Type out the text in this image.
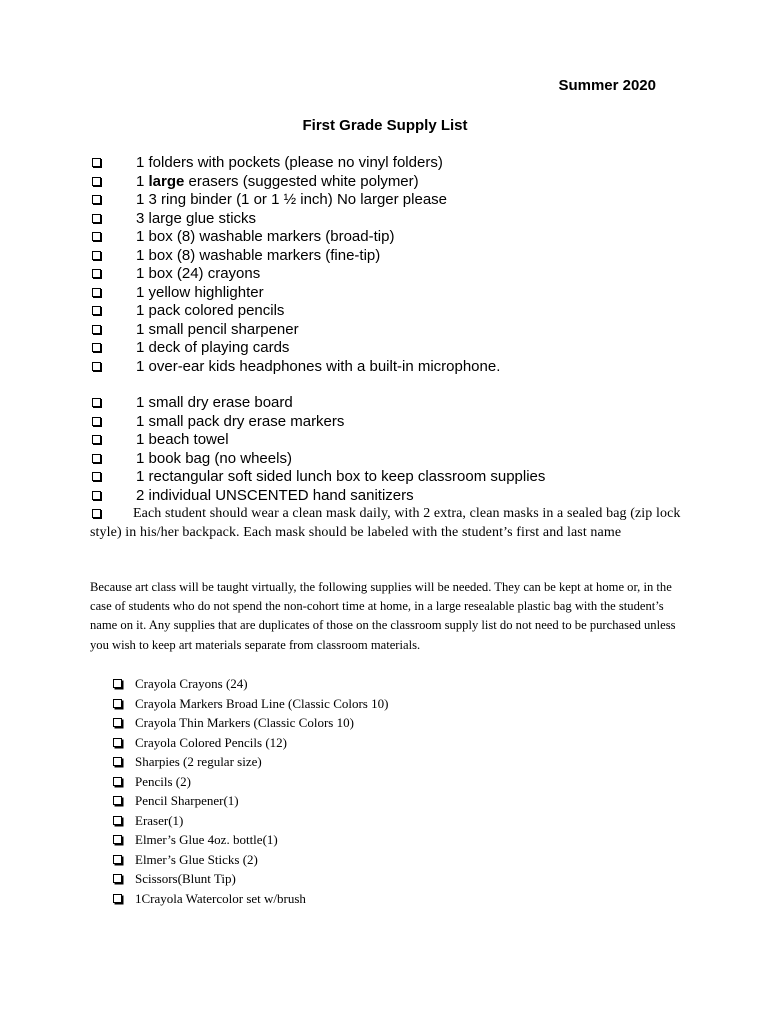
Summer 2020
First Grade Supply List
1 folders with pockets (please no vinyl folders)
1 large erasers (suggested white polymer)
1 3 ring binder (1 or 1 ½ inch) No larger please
3 large glue sticks
1 box (8) washable markers (broad-tip)
1 box (8) washable markers (fine-tip)
1 box (24) crayons
1 yellow highlighter
1 pack colored pencils
1 small pencil sharpener
1 deck of playing cards
1 over-ear kids headphones with a built-in microphone.
1 small dry erase board
1 small pack dry erase markers
1 beach towel
1 book bag (no wheels)
1 rectangular soft sided lunch box to keep classroom supplies
2 individual UNSCENTED hand sanitizers
Each student should wear a clean mask daily, with 2 extra, clean masks in a sealed bag (zip lock style) in his/her backpack. Each mask should be labeled with the student’s first and last name
Because art class will be taught virtually, the following supplies will be needed. They can be kept at home or, in the case of students who do not spend the non-cohort time at home, in a large resealable plastic bag with the student’s name on it. Any supplies that are duplicates of those on the classroom supply list do not need to be purchased unless you wish to keep art materials separate from classroom materials.
Crayola Crayons (24)
Crayola Markers Broad Line (Classic Colors 10)
Crayola Thin Markers (Classic Colors 10)
Crayola Colored Pencils (12)
Sharpies (2 regular size)
Pencils (2)
Pencil Sharpener(1)
Eraser(1)
Elmer’s Glue 4oz. bottle(1)
Elmer’s Glue Sticks (2)
Scissors(Blunt Tip)
1Crayola Watercolor set w/brush
